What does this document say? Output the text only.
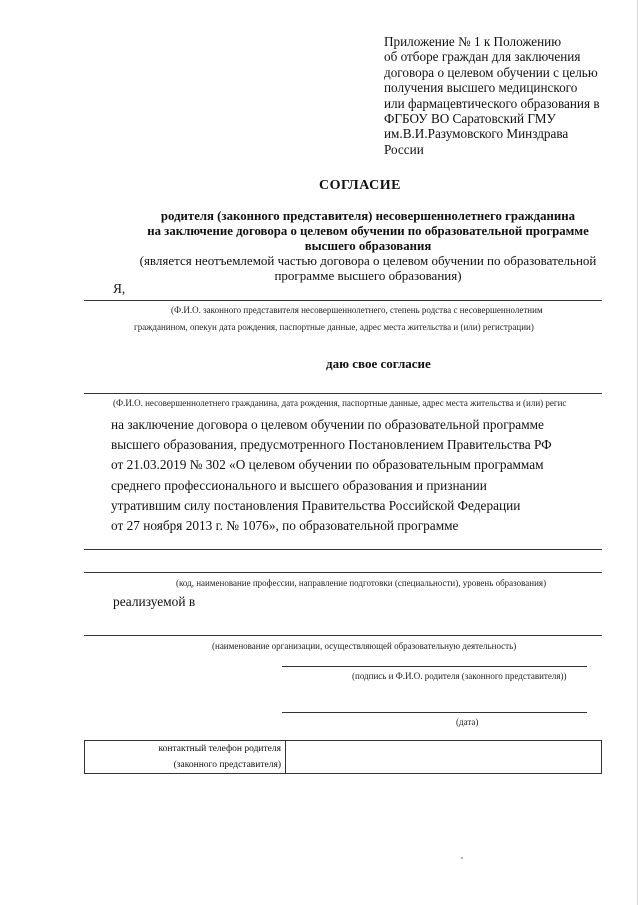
Приложение № 1 к Положению
об отборе граждан для заключения
договора о целевом обучении с целью
получения высшего медицинского
или фармацевтического образования в
ФГБОУ ВО Саратовский ГМУ
им.В.И.Разумовского Минздрава
России
СОГЛАСИЕ
родителя (законного представителя) несовершеннолетнего гражданина
на заключение договора о целевом обучении по образовательной программе
высшего образования
(является неотъемлемой частью договора о целевом обучении по образовательной
программе высшего образования)
Я,
(Ф.И.О. законного представителя несовершеннолетнего, степень родства с несовершеннолетним
гражданином, опекун дата рождения, паспортные данные, адрес места жительства и (или) регистрации)
даю свое согласие
(Ф.И.О. несовершеннолетнего гражданина, дата рождения, паспортные данные, адрес места жительства и (или) регис
на заключение договора о целевом обучении по образовательной программе
высшего образования, предусмотренного Постановлением Правительства РФ
от 21.03.2019 № 302 «О целевом обучении по образовательным программам
среднего профессионального и высшего образования и признании
утратившим силу постановления Правительства Российской Федерации
от 27 ноября 2013 г. № 1076», по образовательной программе
(код, наименование профессии, направление подготовки (специальности), уровень образования)
реализуемой в
(наименование организации, осуществляющей образовательную деятельность)
(подпись и Ф.И.О. родителя (законного представителя))
(дата)
контактный телефон родителя
(законного представителя)
